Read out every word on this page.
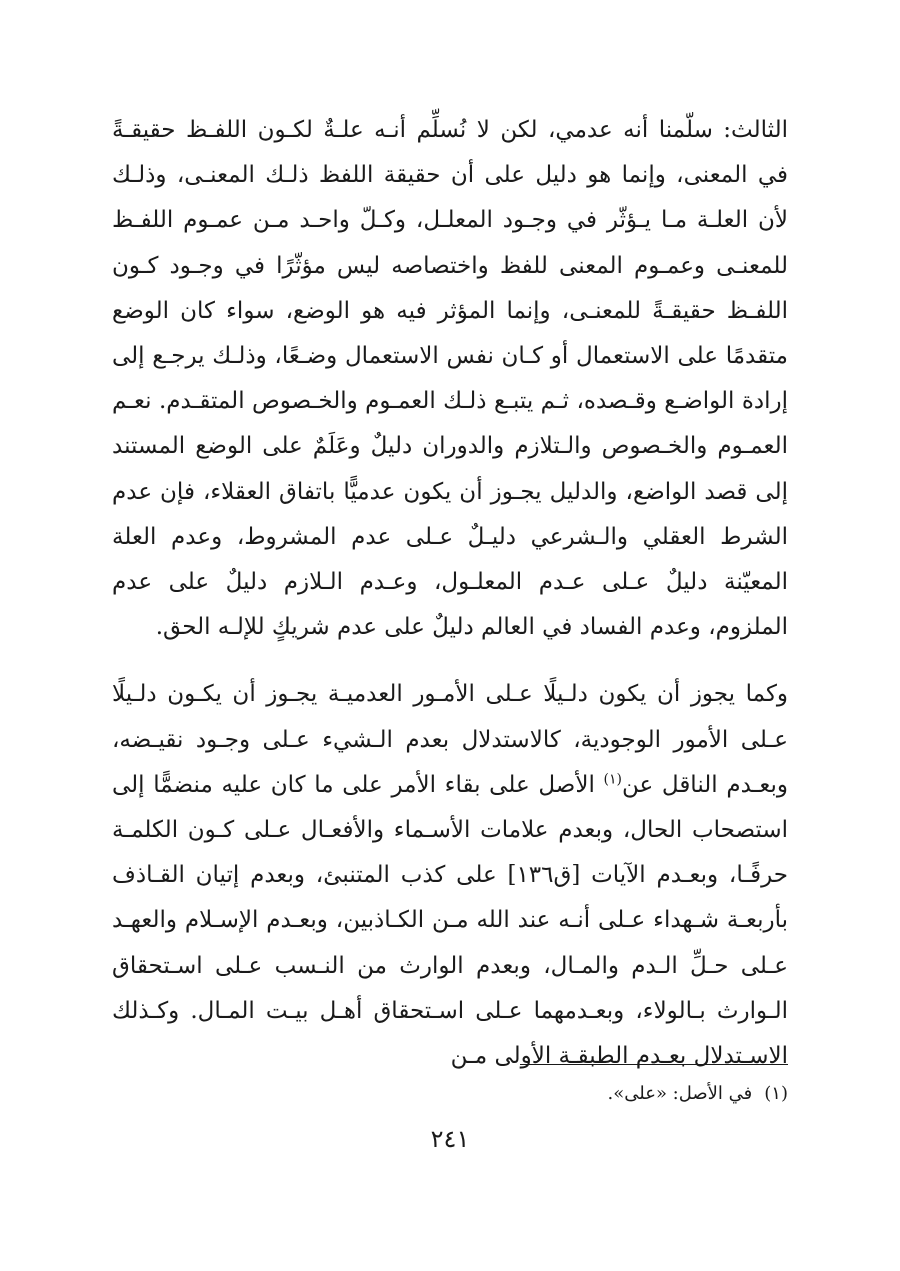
الثالث: سلّمنا أنه عدمي، لكن لا نُسلِّم أنـه علـةٌ لكـون اللفـظ حقيقـةً في المعنى، وإنما هو دليل على أن حقيقة اللفظ ذلـك المعنـى، وذلـك لأن العلـة مـا يـؤثّر في وجـود المعلـل، وكـلّ واحـد مـن عمـوم اللفـظ للمعنـى وعمـوم المعنى للفظ واختصاصه ليس مؤثّرًا في وجـود كـون اللفـظ حقيقـةً للمعنـى، وإنما المؤثر فيه هو الوضع، سواء كان الوضع متقدمًا على الاستعمال أو كـان نفس الاستعمال وضـعًا، وذلـك يرجـع إلى إرادة الواضـع وقـصده، ثـم يتبـع ذلـك العمـوم والخـصوص المتقـدم. نعـم العمـوم والخـصوص والـتلازم والدوران دليلٌ وعَلَمٌ على الوضع المستند إلى قصد الواضع، والدليل يجـوز أن يكون عدميًّا باتفاق العقلاء، فإن عدم الشرط العقلي والـشرعي دليـلٌ عـلى عدم المشروط، وعدم العلة المعيّنة دليلٌ عـلى عـدم المعلـول، وعـدم الـلازم دليلٌ على عدم الملزوم، وعدم الفساد في العالم دليلٌ على عدم شريكٍ للإلـه الحق.

وكما يجوز أن يكون دلـيلًا عـلى الأمـور العدميـة يجـوز أن يكـون دلـيلًا عـلى الأمور الوجودية، كالاستدلال بعدم الـشيء عـلى وجـود نقيـضه، وبعـدم الناقل عن$^{(١)}$ الأصل على بقاء الأمر على ما كان عليه منضمًّا إلى استصحاب الحال، وبعدم علامات الأسـماء والأفعـال عـلى كـون الكلمـة حرفًـا، وبعـدم الآيات [ق١٣٦] على كذب المتنبئ، وبعدم إتيان القـاذف بأربعـة شـهداء عـلى أنـه عند الله مـن الكـاذبين، وبعـدم الإسـلام والعهـد عـلى حـلِّ الـدم والمـال، وبعدم الوارث من النـسب عـلى اسـتحقاق الـوارث بـالولاء، وبعـدمهما عـلى اسـتحقاق أهـل بيـت المـال. وكـذلك الاسـتدلال بعـدم الطبقـة الأولى مـن

(١)في الأصل: «على».

٢٤١
